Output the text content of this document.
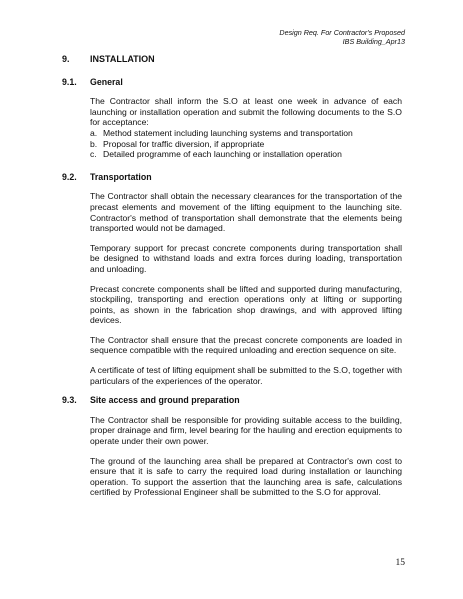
Design Req. For Contractor's Proposed
IBS Building_Apr13
9.	INSTALLATION
9.1.	General

The Contractor shall inform the S.O at least one week in advance of each launching or installation operation and submit the following documents to the S.O for acceptance:

a. Method statement including launching systems and transportation
b. Proposal for traffic diversion, if appropriate
c. Detailed programme of each launching or installation operation
9.2.	Transportation

The Contractor shall obtain the necessary clearances for the transportation of the precast elements and movement of the lifting equipment to the launching site. Contractor's method of transportation shall demonstrate that the elements being transported would not be damaged.

Temporary support for precast concrete components during transportation shall be designed to withstand loads and extra forces during loading, transportation and unloading.

Precast concrete components shall be lifted and supported during manufacturing, stockpiling, transporting and erection operations only at lifting or supporting points, as shown in the fabrication shop drawings, and with approved lifting devices.

The Contractor shall ensure that the precast concrete components are loaded in sequence compatible with the required unloading and erection sequence on site.

A certificate of test of lifting equipment shall be submitted to the S.O, together with particulars of the experiences of the operator.

9.3.	Site access and ground preparation

The Contractor shall be responsible for providing suitable access to the building, proper drainage and firm, level bearing for the hauling and erection equipments to operate under their own power.

The ground of the launching area shall be prepared at Contractor's own cost to ensure that it is safe to carry the required load during installation or launching operation. To support the assertion that the launching area is safe, calculations certified by Professional Engineer shall be submitted to the S.O for approval.

15
